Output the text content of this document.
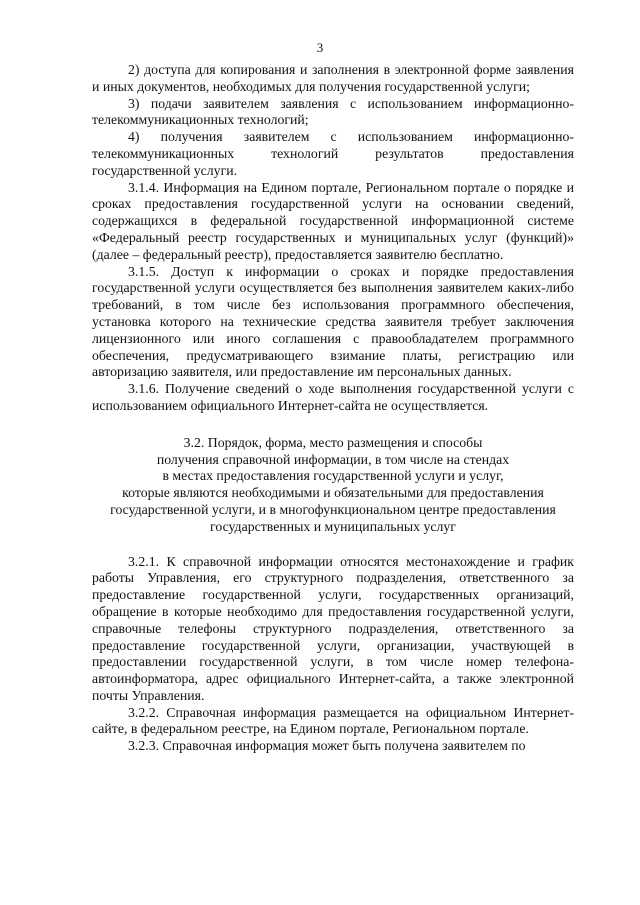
3

2) доступа для копирования и заполнения в электронной форме заявления и иных документов, необходимых для получения государственной услуги;

3) подачи заявителем заявления с использованием информационно-телекоммуникационных технологий;

4) получения заявителем с использованием информационно-телекоммуникационных технологий результатов предоставления государственной услуги.

3.1.4. Информация на Едином портале, Региональном портале о порядке и сроках предоставления государственной услуги на основании сведений, содержащихся в федеральной государственной информационной системе «Федеральный реестр государственных и муниципальных услуг (функций)» (далее – федеральный реестр), предоставляется заявителю бесплатно.

3.1.5. Доступ к информации о сроках и порядке предоставления государственной услуги осуществляется без выполнения заявителем каких-либо требований, в том числе без использования программного обеспечения, установка которого на технические средства заявителя требует заключения лицензионного или иного соглашения с правообладателем программного обеспечения, предусматривающего взимание платы, регистрацию или авторизацию заявителя, или предоставление им персональных данных.

3.1.6. Получение сведений о ходе выполнения государственной услуги с использованием официального Интернет-сайта не осуществляется.

3.2. Порядок, форма, место размещения и способы
получения справочной информации, в том числе на стендах
в местах предоставления государственной услуги и услуг,
которые являются необходимыми и обязательными для предоставления
государственной услуги, и в многофункциональном центре предоставления
государственных и муниципальных услуг

3.2.1. К справочной информации относятся местонахождение и график работы Управления, его структурного подразделения, ответственного за предоставление государственной услуги, государственных организаций, обращение в которые необходимо для предоставления государственной услуги, справочные телефоны структурного подразделения, ответственного за предоставление государственной услуги, организации, участвующей в предоставлении государственной услуги, в том числе номер телефона-автоинформатора, адрес официального Интернет-сайта, а также электронной почты Управления.

3.2.2. Справочная информация размещается на официальном Интернет-сайте, в федеральном реестре, на Едином портале, Региональном портале.

3.2.3. Справочная информация может быть получена заявителем по
